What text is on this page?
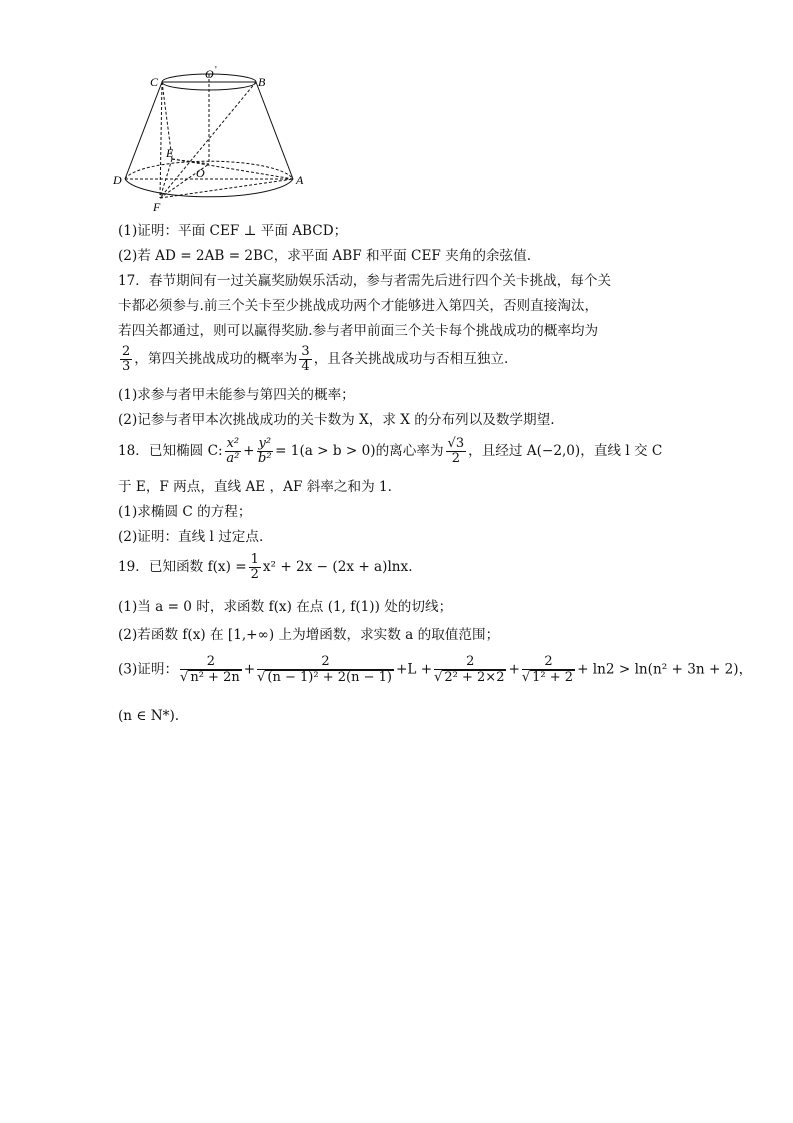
C
O '
B
E
O
D	A
F
(1)证明：平面 CEF ⊥ 平面 ABCD；
(2)若 AD = 2AB = 2BC，求平面 ABF 和平面 CEF 夹角的余弦值.
17．春节期间有一过关赢奖励娱乐活动，参与者需先后进行四个关卡挑战，每个关
卡都必须参与.前三个关卡至少挑战成功两个才能够进入第四关，否则直接淘汰，
若四关都通过，则可以赢得奖励.参与者甲前面三个关卡每个挑战成功的概率均为
$\frac{2}{3}$ ，第四关挑战成功的概率为 $\frac{3}{4}$ ，且各关挑战成功与否相互独立.
(1)求参与者甲未能参与第四关的概率；
(2)记参与者甲本次挑战成功的关卡数为 X，求 X 的分布列以及数学期望.
18．已知椭圆 C: $\frac{\text{x²}}{\text{a²}} + \frac{\text{y²}}{\text{b²}} = 1(a > b > 0)$的离心率为 $\frac{√3}{2}$ ，且经过 A(−2,0)，直线 l 交 C
于 E，F 两点，直线 AE ，AF 斜率之和为 1.
(1)求椭圆 C 的方程；
(2)证明：直线 l 过定点.
19．已知函数 $f(x) = \frac{1}{2} x^2 + 2x - (2x + a)\ln x$.
(1)当 a = 0 时，求函数 f(x) 在点 (1, f(1)) 处的切线；
(2)若函数 f(x) 在 [1,+∞) 上为增函数，求实数 a 的取值范围；
(3)证明： $\frac{2}{\text{√ n² + 2n}} + \frac{2}{\text{√ (n − 1)² + 2(n − 1)}} +L + \frac{2}{\text{√ 2² + 2×2}} + \frac{2}{\text{√ 1² + 2}} + \ln 2 > \ln(n^2 + 3n + 2)$，
(n ∈ N*).
